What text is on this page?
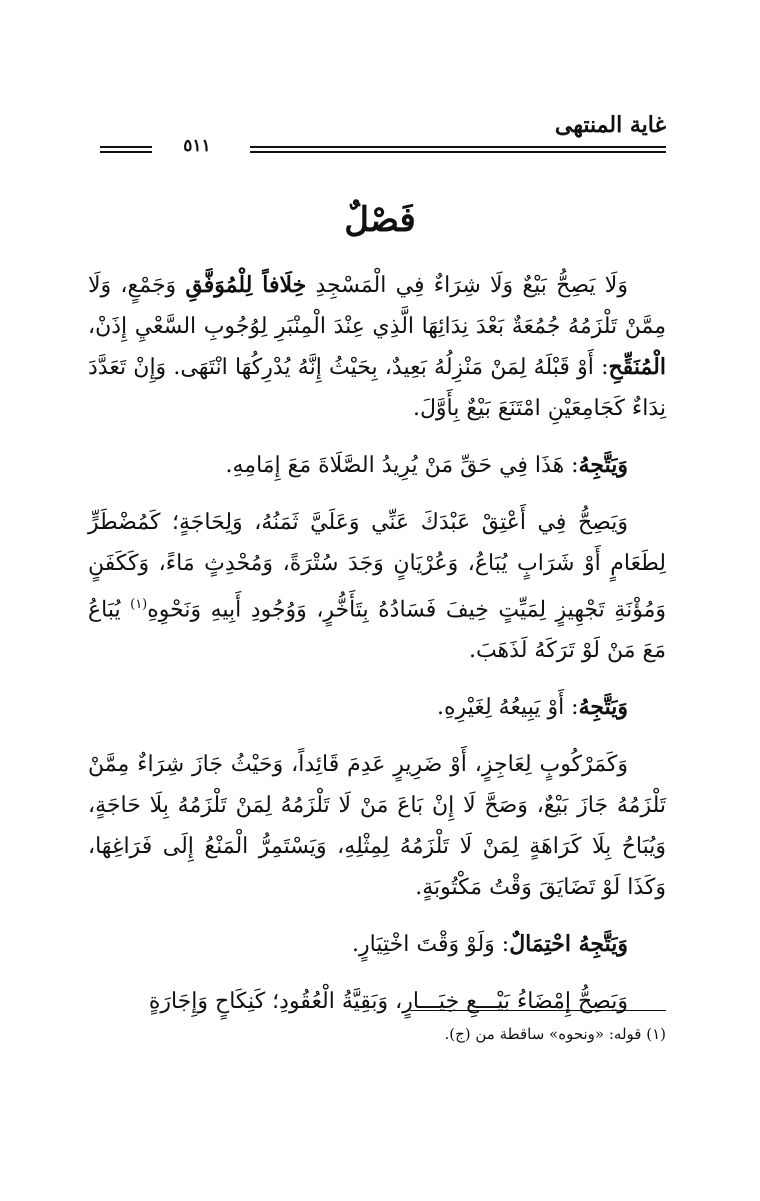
غاية المنتهى
٥١١
فَصْلٌ

وَلَا يَصِحُّ بَيْعٌ وَلَا شِرَاءٌ فِي الْمَسْجِدِ خِلَافاً لِلْمُوَفَّقِ وَجَمْعٍ، وَلَا مِمَّنْ تَلْزَمُهُ جُمُعَةٌ بَعْدَ نِدَائِهَا الَّذِي عِنْدَ الْمِنْبَرِ لِوُجُوبِ السَّعْيِ إِذَنْ، الْمُنَقِّحِ: أَوْ قَبْلَهُ لِمَنْ مَنْزِلُهُ بَعِيدٌ، بِحَيْثُ إِنَّهُ يُدْرِكُهَا انْتَهَى. وَإِنْ تَعَدَّدَ نِدَاءٌ كَجَامِعَيْنِ امْتَنَعَ بَيْعٌ بِأَوَّلَ.

وَيَتَّجِهُ: هَذَا فِي حَقِّ مَنْ يُرِيدُ الصَّلَاةَ مَعَ إِمَامِهِ.

وَيَصِحُّ فِي أَعْتِقْ عَبْدَكَ عَنِّي وَعَلَيَّ ثَمَنُهُ، وَلِحَاجَةٍ؛ كَمُضْطَرٍّ لِطَعَامٍ أَوْ شَرَابٍ يُبَاعُ، وَعُرْيَانٍ وَجَدَ سُتْرَةً، وَمُحْدِثٍ مَاءً، وَكَكَفَنٍ وَمُؤْنَةِ تَجْهِيزٍ لِمَيِّتٍ خِيفَ فَسَادُهُ بِتَأَخُّرٍ، وَوُجُودِ أَبِيهِ وَنَحْوِهِ$^{(١)}$ يُبَاعُ مَعَ مَنْ لَوْ تَرَكَهُ لَذَهَبَ.

وَيَتَّجِهُ: أَوْ يَبِيعُهُ لِغَيْرِهِ.

وَكَمَرْكُوبٍ لِعَاجِزٍ، أَوْ ضَرِيرٍ عَدِمَ قَائِداً، وَحَيْثُ جَازَ شِرَاءٌ مِمَّنْ تَلْزَمُهُ جَازَ بَيْعٌ، وَصَحَّ لَا إِنْ بَاعَ مَنْ لَا تَلْزَمُهُ لِمَنْ تَلْزَمُهُ بِلَا حَاجَةٍ، وَيُبَاحُ بِلَا كَرَاهَةٍ لِمَنْ لَا تَلْزَمُهُ لِمِثْلِهِ، وَيَسْتَمِرُّ الْمَنْعُ إِلَى فَرَاغِهَا، وَكَذَا لَوْ تَضَايَقَ وَقْتُ مَكْتُوبَةٍ.

وَيَتَّجِهُ احْتِمَالٌ: وَلَوْ وَقْتَ اخْتِيَارٍ.

وَيَصِحُّ إِمْضَاءُ بَيْـــعِ خِيَـــارٍ، وَبَقِيَّةُ الْعُقُودِ؛ كَنِكَاحٍ وَإِجَارَةٍ

(١) قوله: «ونحوه» ساقطة من (ج).
